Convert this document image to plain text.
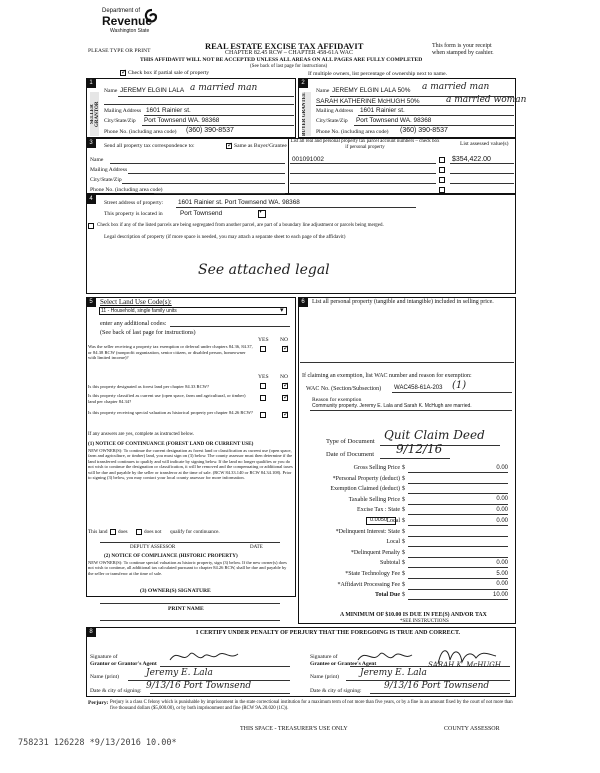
Department of
Revenue
Washington State
PLEASE TYPE OR PRINT	REAL ESTATE EXCISE TAX AFFIDAVIT
CHAPTER 82.45 RCW – CHAPTER 458-61A WAC
THIS AFFIDAVIT WILL NOT BE ACCEPTED UNLESS ALL AREAS ON ALL PAGES ARE FULLY COMPLETED
(See back of last page for instructions)
This form is your receipt
when stamped by cashier.
✓
Check box if partial sale of property	If multiple owners, list percentage of ownership next to name.
1	2
SELLER GRANTOR	BUYER GRANTEE
Name JEREMY ELGIN LALA a married man
Mailing Address 1601 Rainier st.
City/State/Zip Port Townsend WA. 98368
Phone No. (including area code) (360) 390-8537
Name JEREMY ELGIN LALA 50% a married man
SARAH KATHERINE McHUGH 50%	a married woman
Mailing Address 1601 Rainier st.
City/State/Zip Port Townsend WA. 98368
Phone No. (including area code) (360) 390-8537
3	Send all property tax correspondence to:
✓	Same as Buyer/Grantee
Name
Mailing Address
City/State/Zip
Phone No. (including area code)
List all real and personal property tax parcel account numbers – check box if personal property
List assessed value(s)
001091002	$354,422.00
4
Street address of property: 1601 Rainier st. Port Townsend WA. 98368
This property is located in	Port Townsend	▾
Check box if any of the listed parcels are being segregated from another parcel, are part of a boundary line adjustment or parcels being merged.
Legal description of property (if more space is needed, you may attach a separate sheet to each page of the affidavit)
See attached legal
5	Select Land Use Code(s):
11 - Household, single family units	▾
enter any additional codes:
(See back of last page for instructions)
YES NO
Was the seller receiving a property tax exemption or deferral under chapters 84.36, 84.37, or 84.38 RCW (nonprofit organization, senior citizen, or disabled person, homeowner with limited income)?
✓
YES NO
Is this property designated as forest land per chapter 84.33 RCW?
✓
Is this property classified as current use (open space, farm and agricultural, or timber) land per chapter 84.34?
✓
Is this property receiving special valuation as historical property per chapter 84.26 RCW?
✓
If any answers are yes, complete as instructed below.
(1) NOTICE OF CONTINUANCE (FOREST LAND OR CURRENT USE)
NEW OWNER(S): To continue the current designation as forest land or classification as current use (open space, farm and agriculture, or timber) land, you must sign on (3) below. The county assessor must then determine if the land transferred continues to qualify and will indicate by signing below. If the land no longer qualifies or you do not wish to continue the designation or classification, it will be removed and the compensating or additional taxes will be due and payable by the seller or transferor at the time of sale. (RCW 84.33.140 or RCW 84.34.108). Prior to signing (3) below, you may contact your local county assessor for more information.
This land does	does not qualify for continuance.
DEPUTY ASSESSOR	DATE
(2) NOTICE OF COMPLIANCE (HISTORIC PROPERTY)
NEW OWNER(S): To continue special valuation as historic property, sign (3) below. If the new owner(s) does not wish to continue, all additional tax calculated pursuant to chapter 84.26 RCW, shall be due and payable by the seller or transferor at the time of sale.
(3) OWNER(S) SIGNATURE
PRINT NAME
6	List all personal property (tangible and intangible) included in selling price.
If claiming an exemption, list WAC number and reason for exemption:
WAC No. (Section/Subsection) WAC458-61A-203 (1)
Reason for exemption
Community property. Jeremy E. Lala and Sarah K. McHugh are married.
Type of Document Quit Claim Deed
Date of Document 9/12/16
Gross Selling Price $	0.00
*Personal Property (deduct) $
Exemption Claimed (deduct) $
Taxable Selling Price $	0.00
Excise Tax : State $	0.00
Local $	0.00
*Delinquent Interest: State $
Local $
*Delinquent Penalty $
Subtotal $	0.00
*State Technology Fee $	5.00
*Affidavit Processing Fee $	0.00
Total Due $	10.00
0.0050
A MINIMUM OF $10.00 IS DUE IN FEE(S) AND/OR TAX
*SEE INSTRUCTIONS
8	I CERTIFY UNDER PENALTY OF PERJURY THAT THE FOREGOING IS TRUE AND CORRECT.
Signature of
Grantor or Grantor's Agent
Name (print)	Jeremy E. Lala
Date & city of signing: 9/13/16 Port Townsend
Signature of
Grantee or Grantee's Agent
Name (print) Jeremy E. Lala
SARAH K. McHUGH
Date & city of signing: 9/13/16 Port Townsend
Perjury: Perjury is a class C felony which is punishable by imprisonment in the state correctional institution for a maximum term of not more than five years, or by a fine in an amount fixed by the court of not more than five thousand dollars ($5,000.00), or by both imprisonment and fine (RCW 9A.20.020 (1C)).
758231 126228 *9/13/2016 10.00*
THIS SPACE - TREASURER'S USE ONLY	COUNTY ASSESSOR
